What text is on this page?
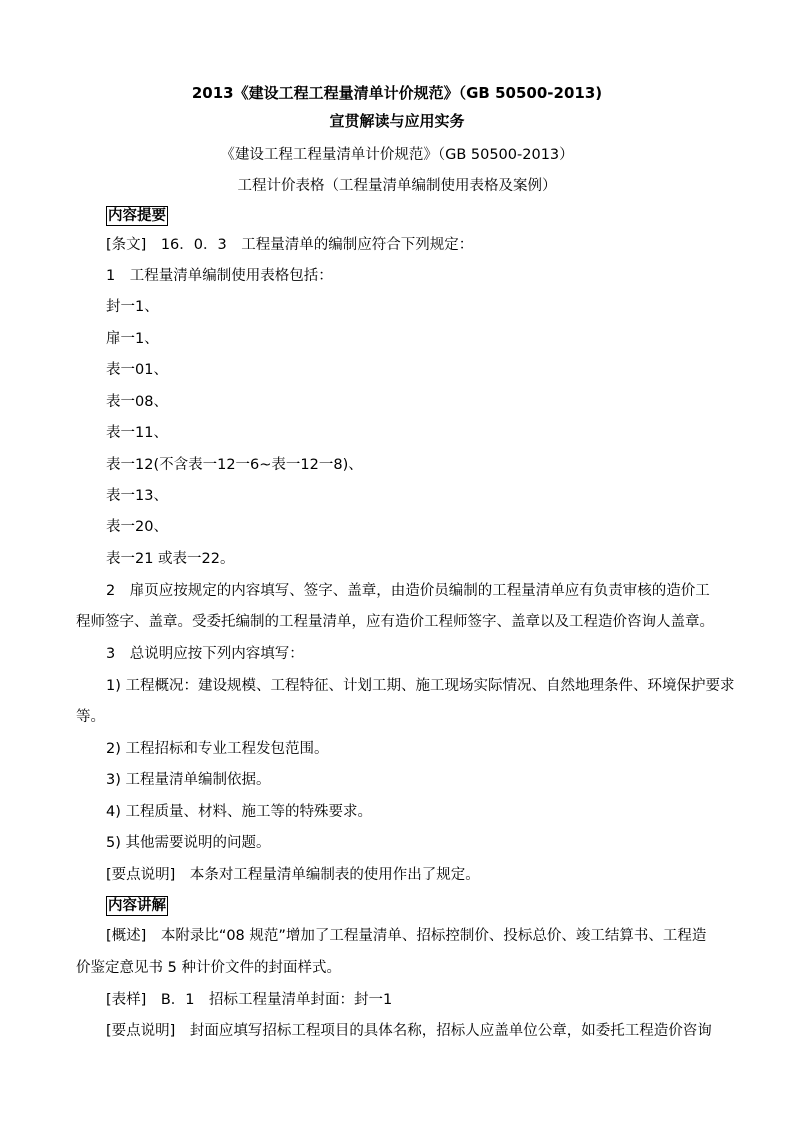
2013《建设工程工程量清单计价规范》（GB 50500-2013)
宣贯解读与应用实务
《建设工程工程量清单计价规范》（GB 50500-2013）
工程计价表格（工程量清单编制使用表格及案例）
内容提要
[条文]　16．0．3　工程量清单的编制应符合下列规定：
1　工程量清单编制使用表格包括：
封一1、
扉一1、
表一01、
表一08、
表一11、
表一12(不含表一12一6~表一12一8)、
表一13、
表一20、
表一21 或表一22。
2　扉页应按规定的内容填写、签字、盖章，由造价员编制的工程量清单应有负责审核的造价工
程师签字、盖章。受委托编制的工程量清单，应有造价工程师签字、盖章以及工程造价咨询人盖章。
3　总说明应按下列内容填写：
1) 工程概况：建设规模、工程特征、计划工期、施工现场实际情况、自然地理条件、环境保护要求
等。
2) 工程招标和专业工程发包范围。
3) 工程量清单编制依据。
4) 工程质量、材料、施工等的特殊要求。
5) 其他需要说明的问题。
[要点说明]　本条对工程量清单编制表的使用作出了规定。
内容讲解
[概述]　本附录比“08 规范”增加了工程量清单、招标控制价、投标总价、竣工结算书、工程造
价鉴定意见书 5 种计价文件的封面样式。
[表样]　B．1　招标工程量清单封面：封一1
[要点说明]　封面应填写招标工程项目的具体名称，招标人应盖单位公章，如委托工程造价咨询
